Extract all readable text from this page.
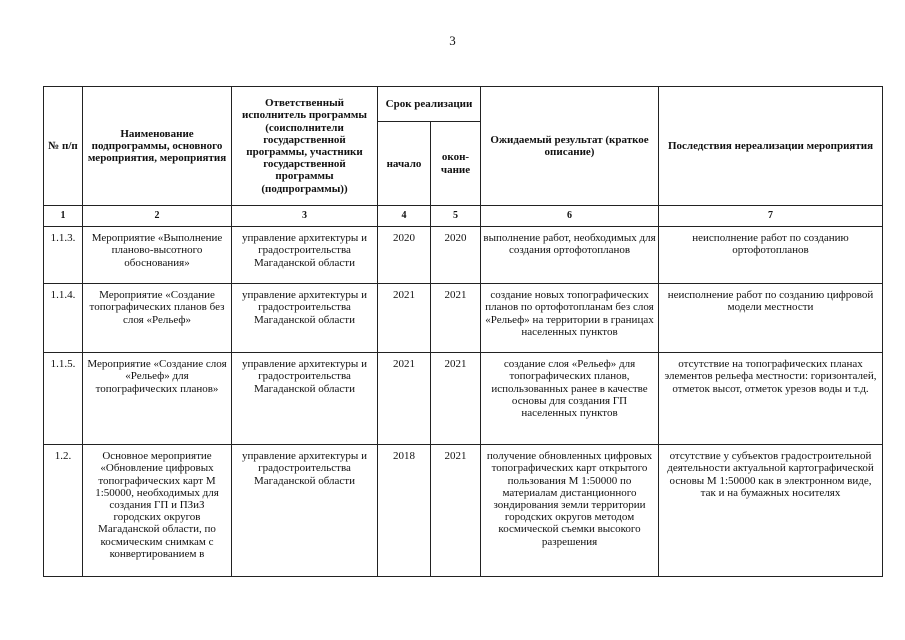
3
№ п/п	Наименование подпрограммы, основного мероприятия, мероприятия	Ответственный исполнитель программы (соисполнители государственной программы, участники государственной программы (подпрограммы))	Срок реализации		Ожидаемый результат (краткое описание)	Последствия нереализации мероприятия
			начало	окон-чание		
1	2	3	4	5	6	7
1.1.3.	Мероприятие «Выполнение планово-высотного обоснования»	управление архитектуры и градостроительства Магаданской области	2020	2020	выполнение работ, необходимых для создания ортофотопланов	неисполнение работ по созданию ортофотопланов
1.1.4.	Мероприятие «Создание топографических планов без слоя «Рельеф»	управление архитектуры и градостроительства Магаданской области	2021	2021	создание новых топографических планов по ортофотопланам без слоя «Рельеф» на территории в границах населенных пунктов	неисполнение работ по созданию цифровой модели местности
1.1.5.	Мероприятие «Создание слоя «Рельеф» для топографических планов»	управление архитектуры и градостроительства Магаданской области	2021	2021	создание слоя «Рельеф» для топографических планов, использованных ранее в качестве основы для создания ГП населенных пунктов	отсутствие на топографических планах элементов рельефа местности: горизонталей, отметок высот, отметок урезов воды и т.д.
1.2.	Основное мероприятие «Обновление цифровых топографических карт М 1:50000, необходимых для создания ГП и ПЗиЗ городских округов Магаданской области, по космическим снимкам с конвертированием в	управление архитектуры и градостроительства Магаданской области	2018	2021	получение обновленных цифровых топографических карт открытого пользования М 1:50000 по материалам дистанционного зондирования земли территории городских округов методом космической съемки высокого разрешения	отсутствие у субъектов градостроительной деятельности актуальной картографической основы М 1:50000 как в электронном виде, так и на бумажных носителях
